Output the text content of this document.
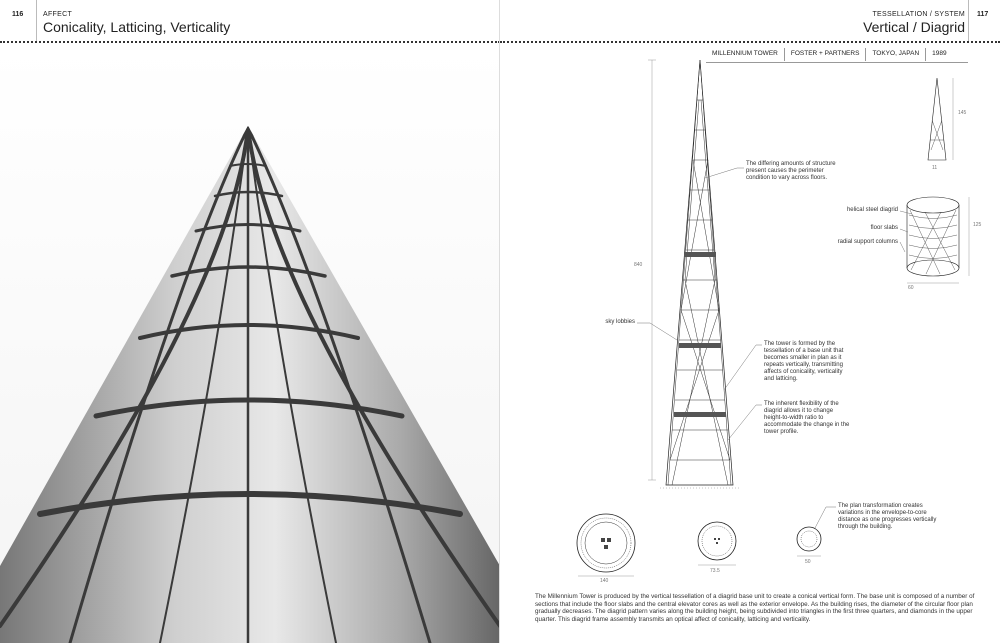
116	AFFECT
Conicality, Latticing, Verticality
TESSELLATION / SYSTEM
Vertical / Diagrid
117
MILLENNIUM TOWER	FOSTER + PARTNERS	TOKYO, JAPAN	1989
The differing amounts of structure present causes the perimeter condition to vary across floors.
helical steel diagrid
floor slabs
radial support columns
sky lobbies
The tower is formed by the tessellation of a base unit that becomes smaller in plan as it repeats vertically, transmitting affects of conicality, verticality and latticing.
The inherent flexibility of the diagrid allows it to change height-to-width ratio to accommodate the change in the tower profile.
The plan transformation creates variations in the envelope-to-core distance as one progresses vertically through the building.
840
145
11
125
60
140
73.5
50
The Millennium Tower is produced by the vertical tessellation of a diagrid base unit to create a conical vertical form. The base unit is composed of a number of sections that include the floor slabs and the central elevator cores as well as the exterior envelope. As the building rises, the diameter of the circular floor plan gradually decreases. The diagrid pattern varies along the building height, being subdivided into triangles in the first three quarters, and diamonds in the upper quarter. This diagrid frame assembly transmits an optical affect of conicality, latticing and verticality.
